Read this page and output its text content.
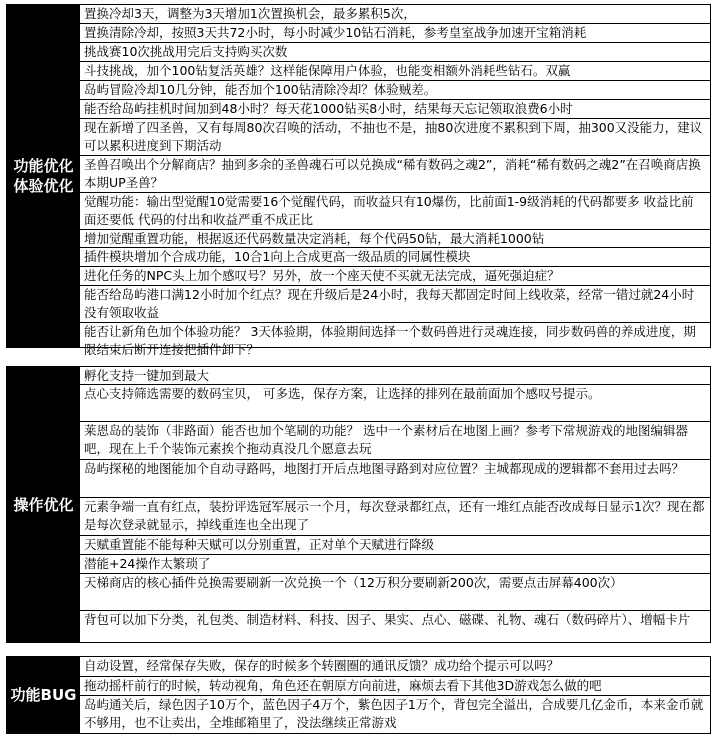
功能优化
体验优化
置换冷却3天，调整为3天增加1次置换机会，最多累积5次，
置换清除冷却，按照3天共72小时，每小时减少10钻石消耗，参考皇室战争加速开宝箱消耗
挑战赛10次挑战用完后支持购买次数
斗技挑战，加个100钻复活英雄？这样能保障用户体验，也能变相额外消耗些钻石。双赢
岛屿冒险冷却10几分钟，能否加个100钻清除冷却？体验贼差。
能否给岛屿挂机时间加到48小时？每天花1000钻买8小时，结果每天忘记领取浪费6小时
现在新增了四圣兽，又有每周80次召唤的活动，不抽也不是，抽80次进度不累积到下周，抽300又没能力，建议可以累积进度到下期活动
圣兽召唤出个分解商店？抽到多余的圣兽魂石可以兑换成“稀有数码之魂2”，消耗“稀有数码之魂2”在召唤商店换本期UP圣兽？
觉醒功能：输出型觉醒10觉需要16个觉醒代码，而收益只有10爆伤，比前面1-9级消耗的代码都要多 收益比前面还要低 代码的付出和收益严重不成正比
增加觉醒重置功能，根据返还代码数量决定消耗，每个代码50钻，最大消耗1000钻
插件模块增加个合成功能，10合1向上合成更高一级品质的同属性模块
进化任务的NPC头上加个感叹号？另外，放一个座天使不买就无法完成，逼死强迫症？
能否给岛屿港口满12小时加个红点？现在升级后是24小时，我每天都固定时间上线收菜，经常一错过就24小时没有领取收益
能否让新角色加个体验功能？ 3天体验期，体验期间选择一个数码兽进行灵魂连接，同步数码兽的养成进度，期限结束后断开连接把插件卸下？
操作优化
孵化支持一键加到最大
点心支持筛选需要的数码宝贝， 可多选，保存方案，让选择的排列在最前面加个感叹号提示。
莱恩岛的装饰（非路面）能否也加个笔刷的功能？ 选中一个素材后在地图上画？参考下常规游戏的地图编辑器吧，现在上千个装饰元素挨个拖动真没几个愿意去玩
岛屿探秘的地图能加个自动寻路吗，地图打开后点地图寻路到对应位置？主城都现成的逻辑都不套用过去吗？
元素争端一直有红点，装扮评选冠军展示一个月，每次登录都红点，还有一堆红点能否改成每日显示1次？现在都是每次登录就显示，掉线重连也全出现了
天赋重置能不能每种天赋可以分别重置，正对单个天赋进行降级
潜能+24操作太繁琐了
天梯商店的核心插件兑换需要刷新一次兑换一个（12万积分要刷新200次，需要点击屏幕400次）
背包可以加下分类，礼包类、制造材料、科技、因子、果实、点心、磁碟、礼物、魂石（数码碎片）、增幅卡片
功能BUG
自动设置，经常保存失败，保存的时候多个转圈圈的通讯反馈？成功给个提示可以吗？
拖动摇杆前行的时候，转动视角，角色还在朝原方向前进，麻烦去看下其他3D游戏怎么做的吧
岛屿通关后，绿色因子10万个，蓝色因子4万个，紫色因子1万个，背包完全溢出，合成要几亿金币，本来金币就不够用，也不让卖出，全堆邮箱里了，没法继续正常游戏
